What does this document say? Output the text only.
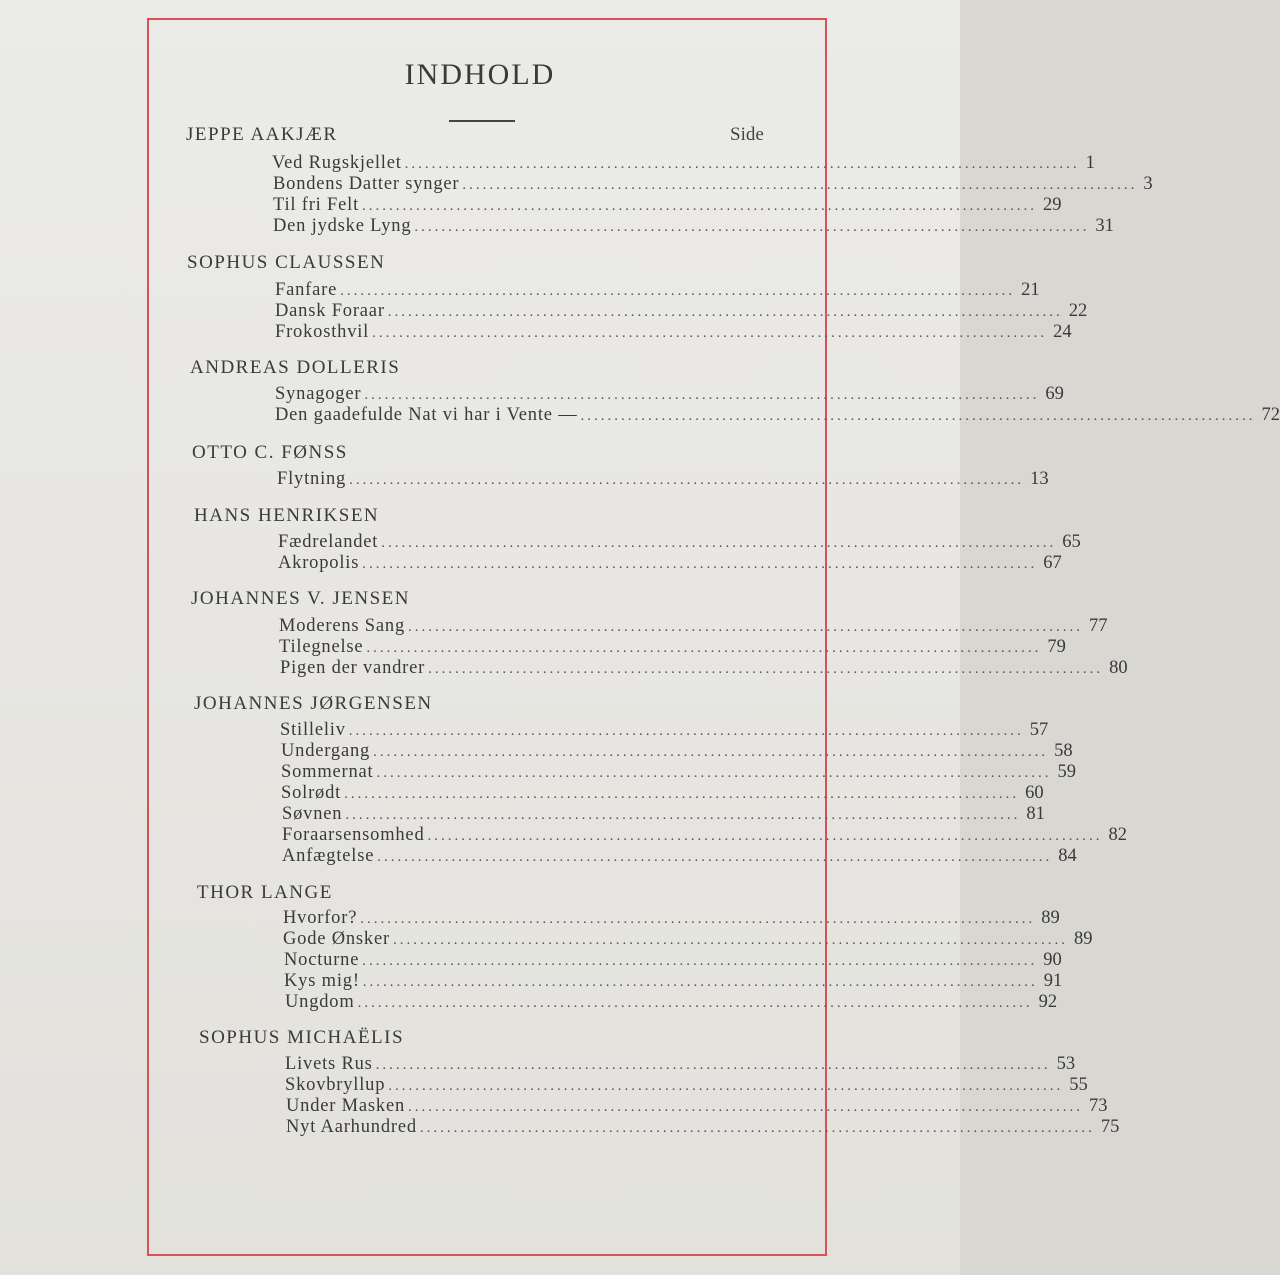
INDHOLD
Side
JEPPE AAKJÆR
Ved Rugskjellet .................................................................................................... 1
Bondens Datter synger .................................................................................................... 3
Til fri Felt .................................................................................................... 29
Den jydske Lyng .................................................................................................... 31
SOPHUS CLAUSSEN
Fanfare .................................................................................................... 21
Dansk Foraar .................................................................................................... 22
Frokosthvil .................................................................................................... 24
ANDREAS DOLLERIS
Synagoger .................................................................................................... 69
Den gaadefulde Nat vi har i Vente — .................................................................................................... 72
OTTO C. FØNSS
Flytning .................................................................................................... 13
HANS HENRIKSEN
Fædrelandet .................................................................................................... 65
Akropolis .................................................................................................... 67
JOHANNES V. JENSEN
Moderens Sang .................................................................................................... 77
Tilegnelse .................................................................................................... 79
Pigen der vandrer .................................................................................................... 80
JOHANNES JØRGENSEN
Stilleliv .................................................................................................... 57
Undergang .................................................................................................... 58
Sommernat .................................................................................................... 59
Solrødt .................................................................................................... 60
Søvnen .................................................................................................... 81
Foraarsensomhed .................................................................................................... 82
Anfægtelse .................................................................................................... 84
THOR LANGE
Hvorfor? .................................................................................................... 89
Gode Ønsker .................................................................................................... 89
Nocturne .................................................................................................... 90
Kys mig! .................................................................................................... 91
Ungdom .................................................................................................... 92
SOPHUS MICHAËLIS
Livets Rus .................................................................................................... 53
Skovbryllup .................................................................................................... 55
Under Masken .................................................................................................... 73
Nyt Aarhundred .................................................................................................... 75
